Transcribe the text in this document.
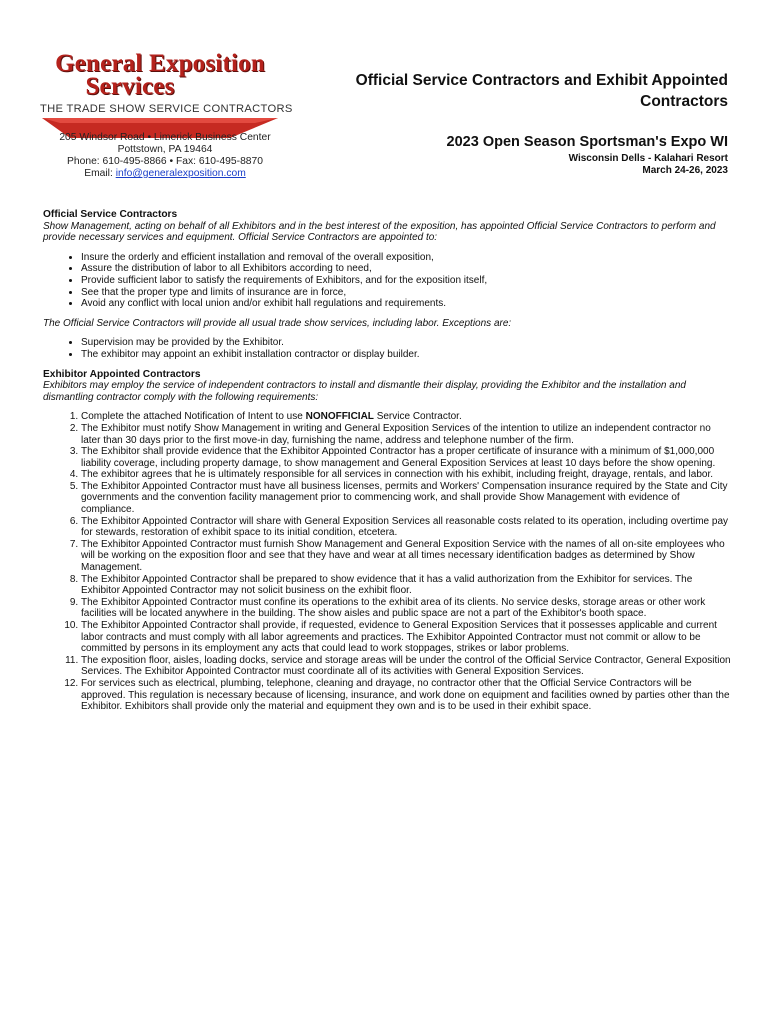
General Exposition
Services
THE TRADE SHOW SERVICE CONTRACTORS
205 Windsor Road • Limerick Business Center
Pottstown, PA 19464
Phone: 610-495-8866 • Fax: 610-495-8870
Email: info@generalexposition.com
Official Service Contractors and Exhibit Appointed Contractors
2023 Open Season Sportsman's Expo WI
Wisconsin Dells - Kalahari Resort
March 24-26, 2023

Official Service Contractors

Show Management, acting on behalf of all Exhibitors and in the best interest of the exposition, has appointed Official Service Contractors to perform and provide necessary services and equipment. Official Service Contractors are appointed to:

• Insure the orderly and efficient installation and removal of the overall exposition,
• Assure the distribution of labor to all Exhibitors according to need,
• Provide sufficient labor to satisfy the requirements of Exhibitors, and for the exposition itself,
• See that the proper type and limits of insurance are in force,
• Avoid any conflict with local union and/or exhibit hall regulations and requirements.

The Official Service Contractors will provide all usual trade show services, including labor. Exceptions are:

• Supervision may be provided by the Exhibitor.
• The exhibitor may appoint an exhibit installation contractor or display builder.

Exhibitor Appointed Contractors

Exhibitors may employ the service of independent contractors to install and dismantle their display, providing the Exhibitor and the installation and dismantling contractor comply with the following requirements:

1. Complete the attached Notification of Intent to use NONOFFICIAL Service Contractor.
2. The Exhibitor must notify Show Management in writing and General Exposition Services of the intention to utilize an independent contractor no later than 30 days prior to the first move-in day, furnishing the name, address and telephone number of the firm.
3. The Exhibitor shall provide evidence that the Exhibitor Appointed Contractor has a proper certificate of insurance with a minimum of $1,000,000 liability coverage, including property damage, to show management and General Exposition Services at least 10 days before the show opening.
4. The exhibitor agrees that he is ultimately responsible for all services in connection with his exhibit, including freight, drayage, rentals, and labor.
5. The Exhibitor Appointed Contractor must have all business licenses, permits and Workers' Compensation insurance required by the State and City governments and the convention facility management prior to commencing work, and shall provide Show Management with evidence of compliance.
6. The Exhibitor Appointed Contractor will share with General Exposition Services all reasonable costs related to its operation, including overtime pay for stewards, restoration of exhibit space to its initial condition, etcetera.
7. The Exhibitor Appointed Contractor must furnish Show Management and General Exposition Service with the names of all on-site employees who will be working on the exposition floor and see that they have and wear at all times necessary identification badges as determined by Show Management.
8. The Exhibitor Appointed Contractor shall be prepared to show evidence that it has a valid authorization from the Exhibitor for services. The Exhibitor Appointed Contractor may not solicit business on the exhibit floor.
9. The Exhibitor Appointed Contractor must confine its operations to the exhibit area of its clients. No service desks, storage areas or other work facilities will be located anywhere in the building. The show aisles and public space are not a part of the Exhibitor's booth space.
10. The Exhibitor Appointed Contractor shall provide, if requested, evidence to General Exposition Services that it possesses applicable and current labor contracts and must comply with all labor agreements and practices. The Exhibitor Appointed Contractor must not commit or allow to be committed by persons in its employment any acts that could lead to work stoppages, strikes or labor problems.
11. The exposition floor, aisles, loading docks, service and storage areas will be under the control of the Official Service Contractor, General Exposition Services. The Exhibitor Appointed Contractor must coordinate all of its activities with General Exposition Services.
12. For services such as electrical, plumbing, telephone, cleaning and drayage, no contractor other that the Official Service Contractors will be approved. This regulation is necessary because of licensing, insurance, and work done on equipment and facilities owned by parties other than the Exhibitor. Exhibitors shall provide only the material and equipment they own and is to be used in their exhibit space.
